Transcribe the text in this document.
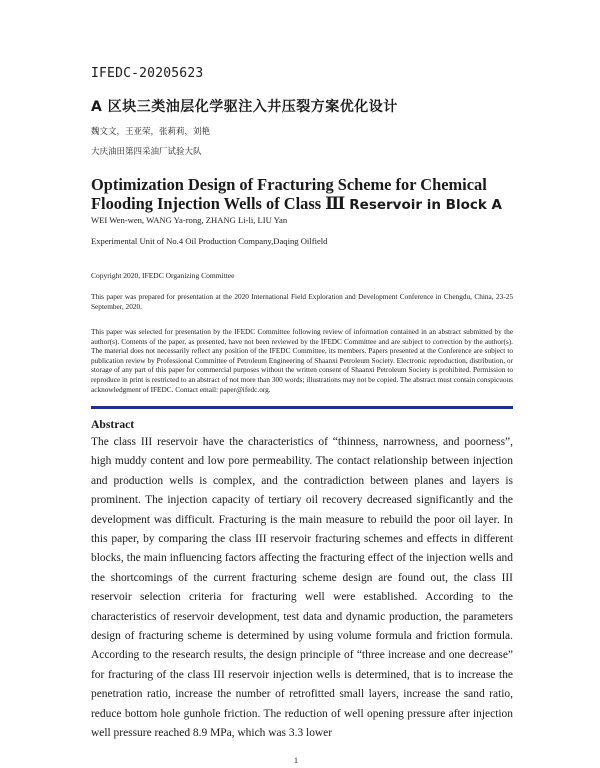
IFEDC-20205623
A 区块三类油层化学驱注入井压裂方案优化设计
魏文文，王亚荣，张莉莉，刘艳
大庆油田第四采油厂试验大队
Optimization Design of Fracturing Scheme for Chemical Flooding Injection Wells of Class Ⅲ Reservoir in Block A
WEI Wen-wen, WANG Ya-rong, ZHANG Li-li, LIU Yan
Experimental Unit of No.4 Oil Production Company,Daqing Oilfield
Copyright 2020, IFEDC Organizing Committee
This paper was prepared for presentation at the 2020 International Field Exploration and Development Conference in Chengdu, China, 23-25 September, 2020.
This paper was selected for presentation by the IFEDC Committee following review of information contained in an abstract submitted by the author(s). Contents of the paper, as presented, have not been reviewed by the IFEDC Committee and are subject to correction by the author(s). The material does not necessarily reflect any position of the IFEDC Committee, its members. Papers presented at the Conference are subject to publication review by Professional Committee of Petroleum Engineering of Shaanxi Petroleum Society. Electronic reproduction, distribution, or storage of any part of this paper for commercial purposes without the written consent of Shaanxi Petroleum Society is prohibited. Permission to reproduce in print is restricted to an abstract of not more than 300 words; illustrations may not be copied. The abstract must contain conspicuous acknowledgment of IFEDC. Contact email: paper@ifedc.org.
Abstract
The class III reservoir have the characteristics of “thinness, narrowness, and poorness”, high muddy content and low pore permeability. The contact relationship between injection and production wells is complex, and the contradiction between planes and layers is prominent. The injection capacity of tertiary oil recovery decreased significantly and the development was difficult. Fracturing is the main measure to rebuild the poor oil layer. In this paper, by comparing the class III reservoir fracturing schemes and effects in different blocks, the main influencing factors affecting the fracturing effect of the injection wells and the shortcomings of the current fracturing scheme design are found out, the class III reservoir selection criteria for fracturing well were established. According to the characteristics of reservoir development, test data and dynamic production, the parameters design of fracturing scheme is determined by using volume formula and friction formula. According to the research results, the design principle of “three increase and one decrease” for fracturing of the class III reservoir injection wells is determined, that is to increase the penetration ratio, increase the number of retrofitted small layers, increase the sand ratio, reduce bottom hole gunhole friction. The reduction of well opening pressure after injection well pressure reached 8.9 MPa, which was 3.3 lower
1
